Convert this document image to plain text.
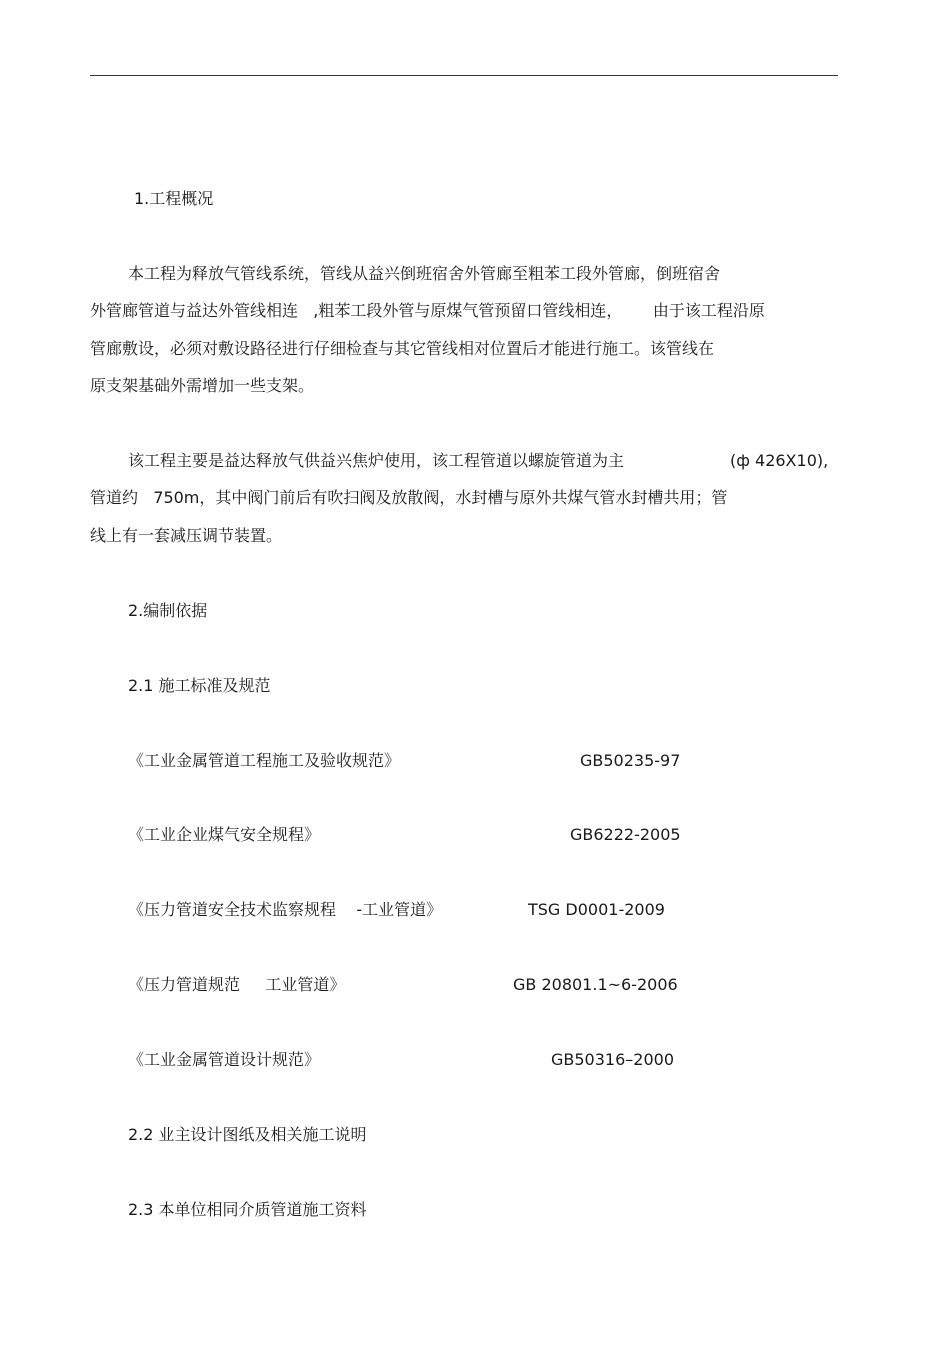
1.工程概况
本工程为释放气管线系统，管线从益兴倒班宿舍外管廊至粗苯工段外管廊，倒班宿舍
外管廊管道与益达外管线相连   ,粗苯工段外管与原煤气管预留口管线相连，      由于该工程沿原
管廊敷设，必须对敷设路径进行仔细检查与其它管线相对位置后才能进行施工。该管线在
原支架基础外需增加一些支架。
该工程主要是益达释放气供益兴焦炉使用，该工程管道以螺旋管道为主	(ф 426X10),
管道约   750m，其中阀门前后有吹扫阀及放散阀，水封槽与原外共煤气管水封槽共用；管
线上有一套减压调节装置。
2.编制依据
2.1 施工标准及规范
《工业金属管道工程施工及验收规范》	GB50235-97
《工业企业煤气安全规程》	GB6222-2005
《压力管道安全技术监察规程    -工业管道》	TSG D0001-2009
《压力管道规范     工业管道》	GB 20801.1~6-2006
《工业金属管道设计规范》	GB50316–2000
2.2 业主设计图纸及相关施工说明
2.3 本单位相同介质管道施工资料
